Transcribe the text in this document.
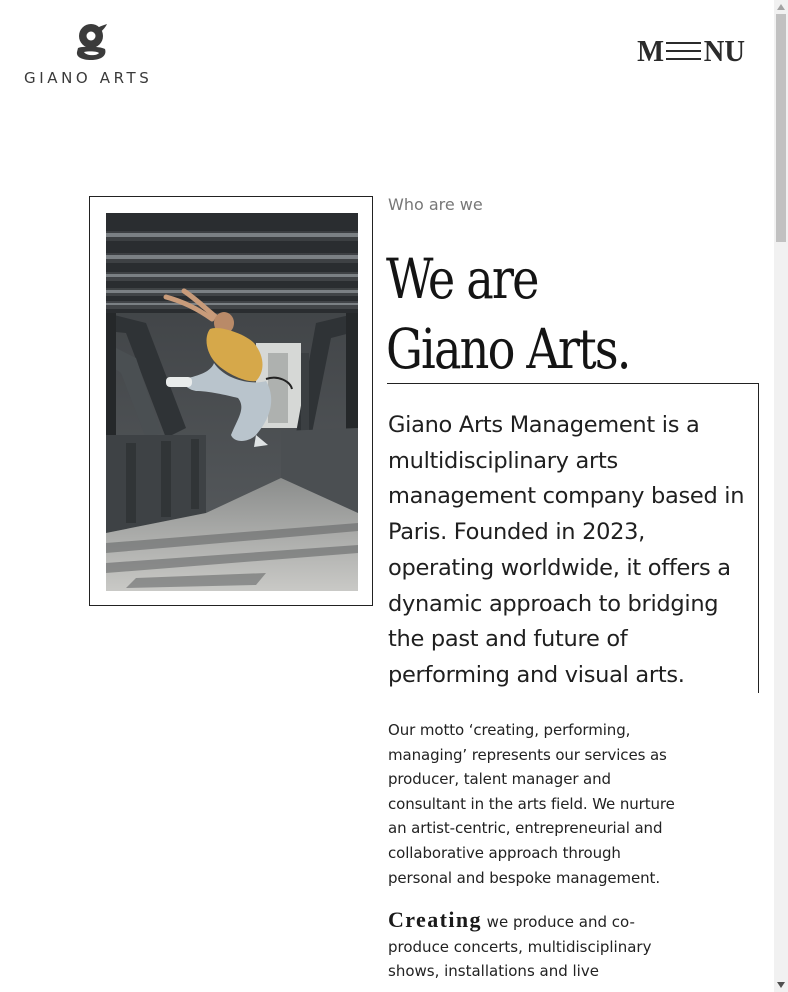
GIANO ARTS
M NU
Who are we
We are
Giano Arts.

Giano Arts Management is a multidisciplinary arts management company based in Paris. Founded in 2023, operating worldwide, it offers a dynamic approach to bridging the past and future of performing and visual arts.

Our motto ‘creating, performing, managing’ represents our services as producer, talent manager and consultant in the arts field. We nurture an artist-centric, entrepreneurial and collaborative approach through personal and bespoke management.

Creating we produce and co-produce concerts, multidisciplinary shows, installations and live
